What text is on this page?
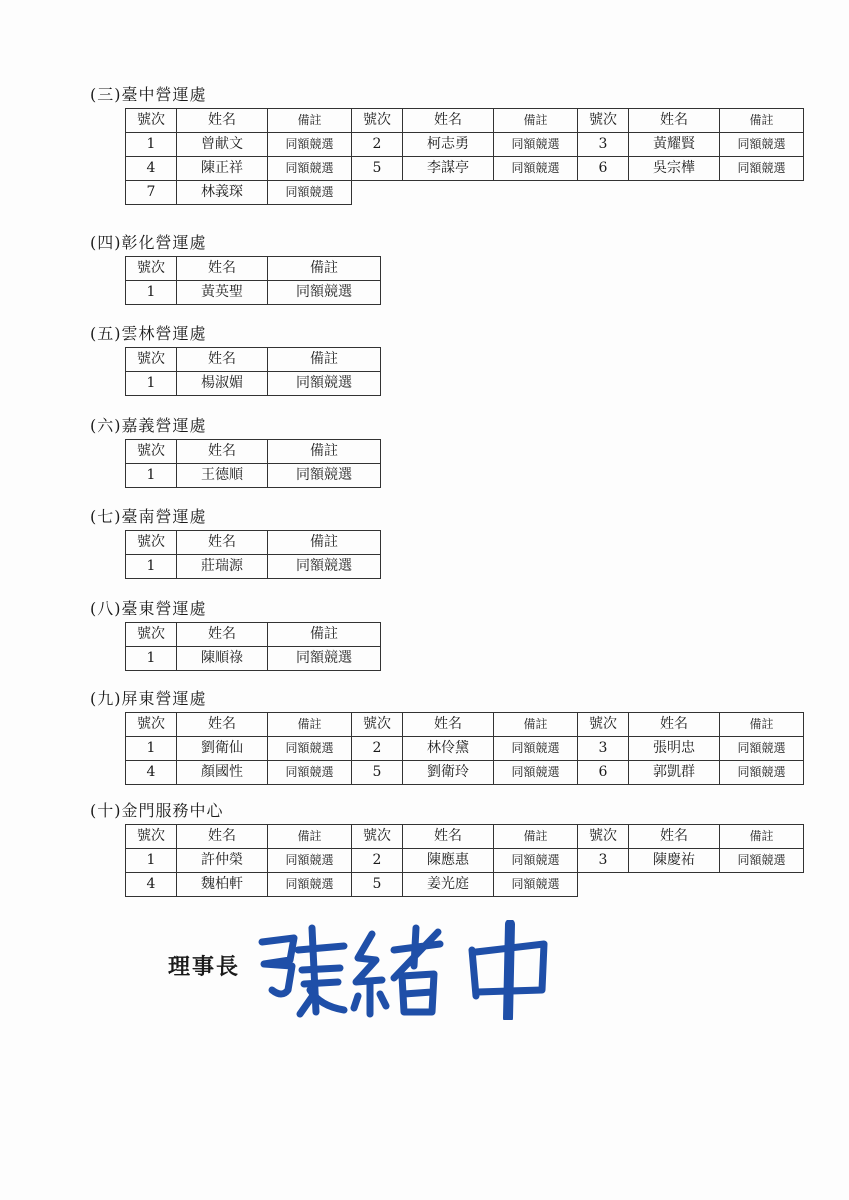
(三)臺中營運處
號次	姓名	備註	號次	姓名	備註	號次	姓名	備註
1	曾献文	同額競選	2	柯志勇	同額競選	3	黃耀賢	同額競選
4	陳正祥	同額競選	5	李謀亭	同額競選	6	吳宗樺	同額競選
7	林義琛	同額競選						
(四)彰化營運處
號次	姓名	備註
1	黃英聖	同額競選
(五)雲林營運處
號次	姓名	備註
1	楊淑媚	同額競選
(六)嘉義營運處
號次	姓名	備註
1	王德順	同額競選
(七)臺南營運處
號次	姓名	備註
1	莊瑞源	同額競選
(八)臺東營運處
號次	姓名	備註
1	陳順祿	同額競選
(九)屏東營運處
號次	姓名	備註	號次	姓名	備註	號次	姓名	備註
1	劉衛仙	同額競選	2	林伶黛	同額競選	3	張明忠	同額競選
4	顏國性	同額競選	5	劉衛玲	同額競選	6	郭凱群	同額競選
(十)金門服務中心
號次	姓名	備註	號次	姓名	備註	號次	姓名	備註
1	許仲榮	同額競選	2	陳應惠	同額競選	3	陳慶祐	同額競選
4	魏柏軒	同額競選	5	姜光庭	同額競選			
理事長
